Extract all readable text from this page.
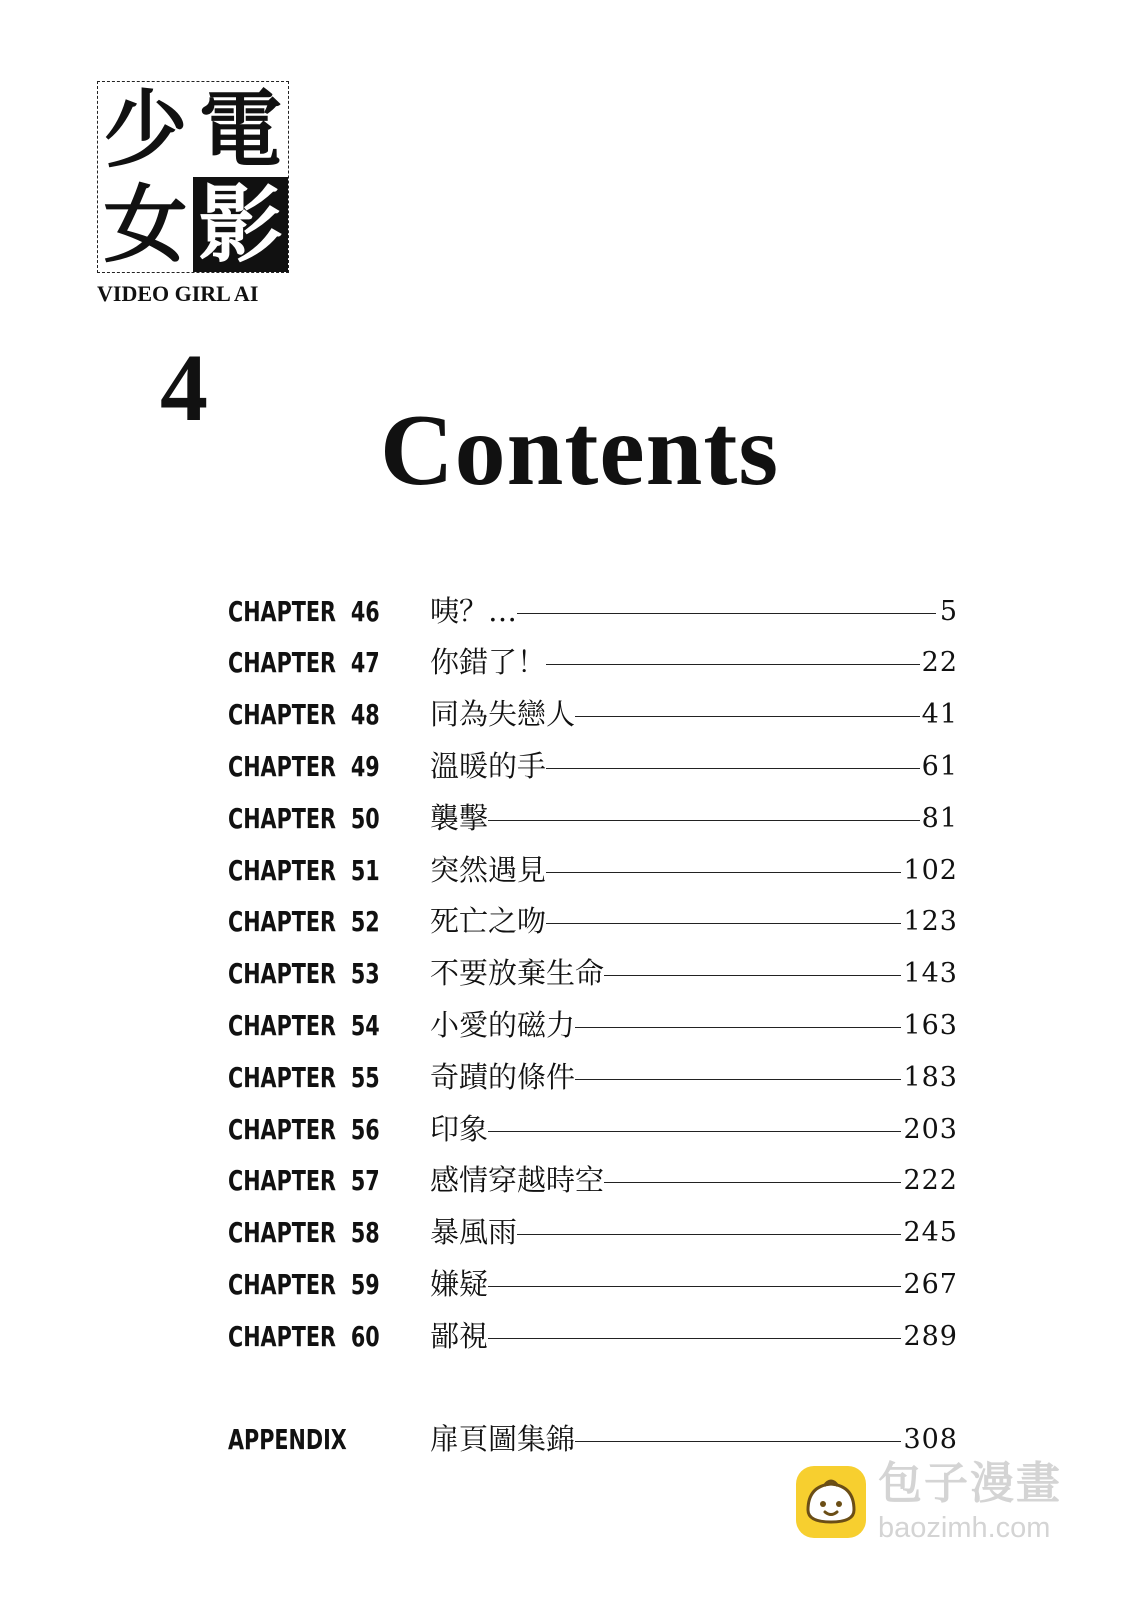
少 電
女 影
VIDEO GIRL AI
4
Contents
CHAPTER 46 咦？…	5
CHAPTER 47 你錯了！	22
CHAPTER 48 同為失戀人	41
CHAPTER 49 溫暖的手	61
CHAPTER 50 襲擊	81
CHAPTER 51 突然遇見	102
CHAPTER 52 死亡之吻	123
CHAPTER 53 不要放棄生命	143
CHAPTER 54 小愛的磁力	163
CHAPTER 55 奇蹟的條件	183
CHAPTER 56 印象	203
CHAPTER 57 感情穿越時空	222
CHAPTER 58 暴風雨	245
CHAPTER 59 嫌疑	267
CHAPTER 60 鄙視	289
APPENDIX	扉頁圖集錦	308
包子漫畫
baozimh.com
